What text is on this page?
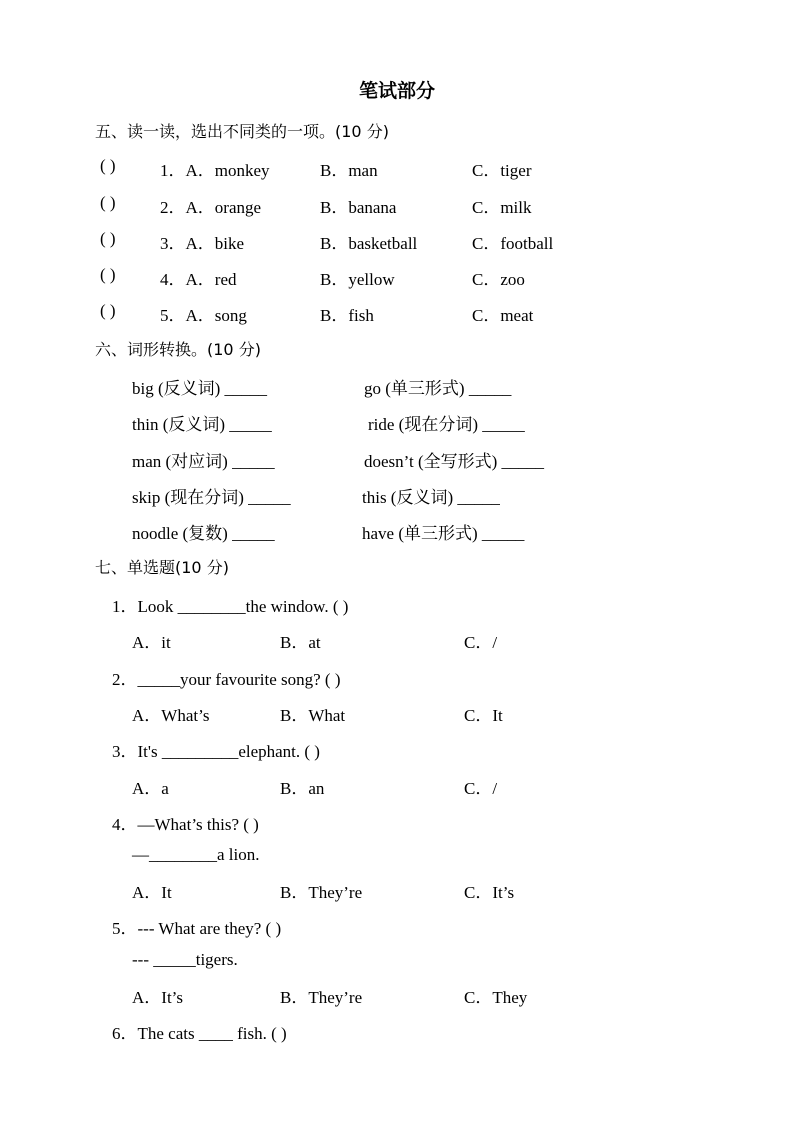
笔试部分
五、读一读，选出不同类的一项。(10 分)
( )	1．A．monkey	B．man	C．tiger
( )	2．A．orange	B．banana	C．milk
( )	3．A．bike	B．basketball	C．football
( )	4．A．red	B．yellow	C．zoo
( )	5．A．song	B．fish	C．meat
六、词形转换。(10 分)
big (反义词) _____	go (单三形式) _____
thin (反义词) _____	ride (现在分词) _____
man (对应词) _____	doesn’t (全写形式) _____
skip (现在分词) _____	this (反义词) _____
noodle (复数) _____	have (单三形式) _____
七、单选题(10 分)
1．Look ________the window. ( )
A．it	B．at	C．/
2．_____your favourite song? ( )
A．What’s	B．What	C．It
3．It's _________elephant. ( )
A．a	B．an	C．/
4．—What’s this? ( )
—________a lion.
A．It	B．They’re	C．It’s
5．--- What are they? ( )
--- _____tigers.
A．It’s	B．They’re	C．They
6．The cats ____ fish. ( )
